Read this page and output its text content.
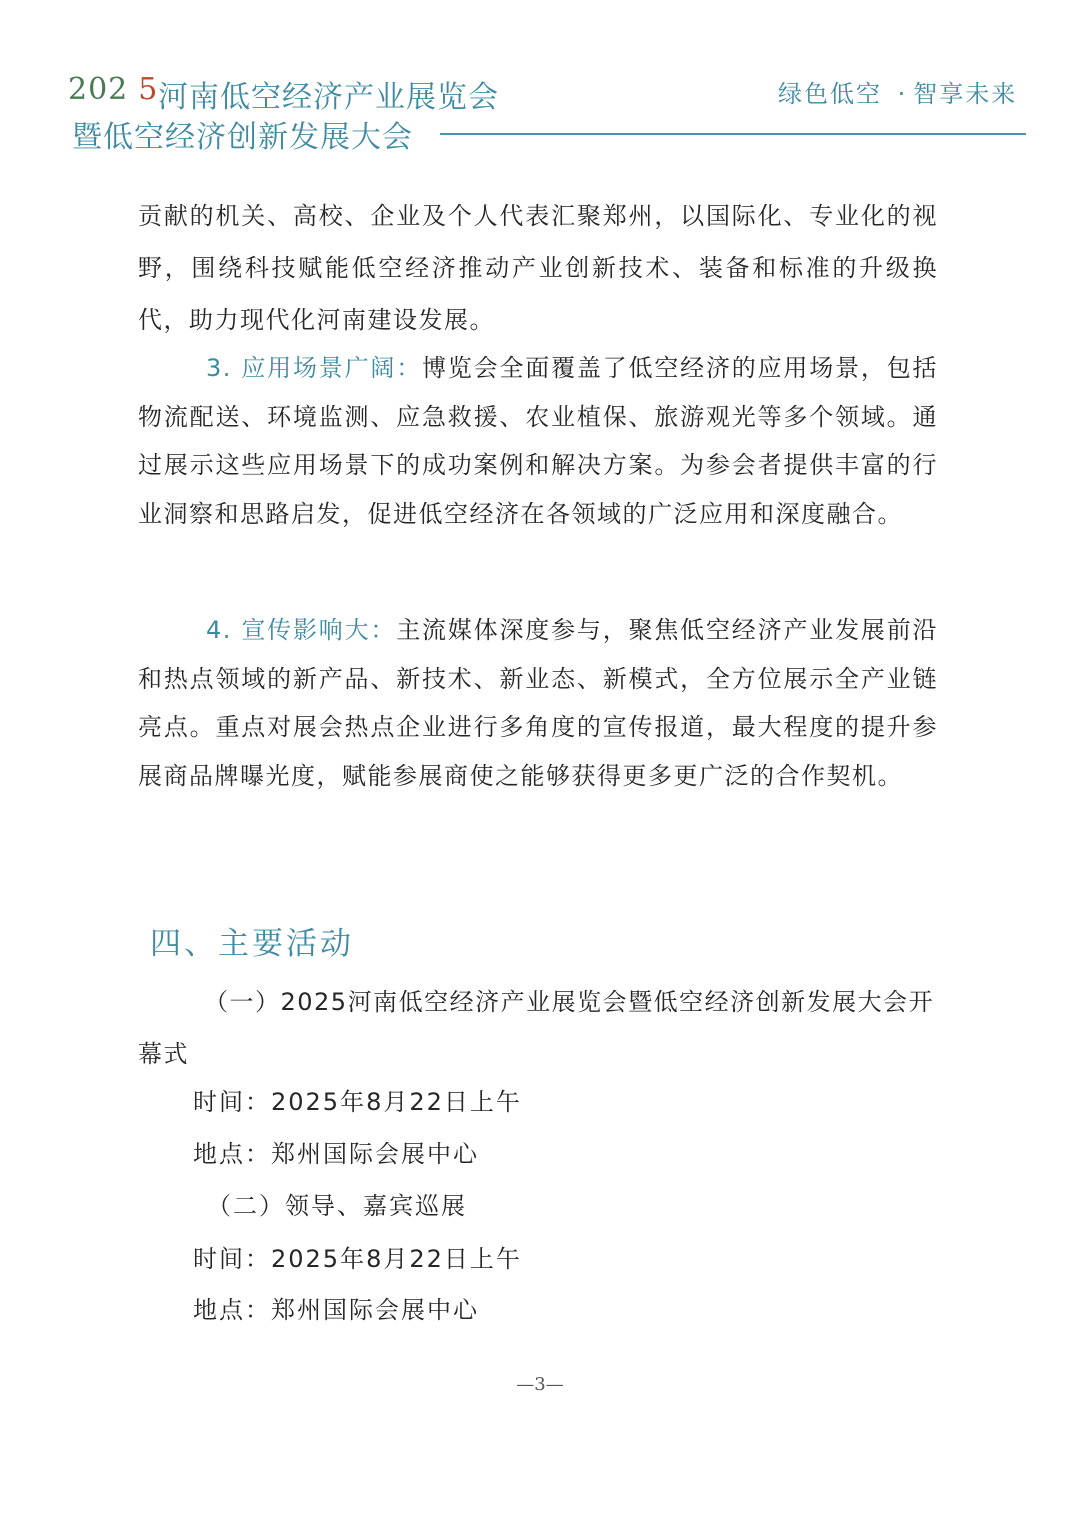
202 5 河南低空经济产业展览会
暨低空经济创新发展大会
绿色低空 · 智享未来

贡献的机关、高校、企业及个人代表汇聚郑州，以国际化、专业化的视野，围绕科技赋能低空经济推动产业创新技术、装备和标准的升级换代，助力现代化河南建设发展。

3. 应用场景广阔：博览会全面覆盖了低空经济的应用场景，包括物流配送、环境监测、应急救援、农业植保、旅游观光等多个领域。通过展示这些应用场景下的成功案例和解决方案。为参会者提供丰富的行业洞察和思路启发，促进低空经济在各领域的广泛应用和深度融合。

4. 宣传影响大：主流媒体深度参与，聚焦低空经济产业发展前沿和热点领域的新产品、新技术、新业态、新模式，全方位展示全产业链亮点。重点对展会热点企业进行多角度的宣传报道，最大程度的提升参展商品牌曝光度，赋能参展商使之能够获得更多更广泛的合作契机。

四、主要活动

（一）2025河南低空经济产业展览会暨低空经济创新发展大会开幕式

时间：2025年8月22日上午
地点：郑州国际会展中心
（二）领导、嘉宾巡展
时间：2025年8月22日上午
地点：郑州国际会展中心
—3—
